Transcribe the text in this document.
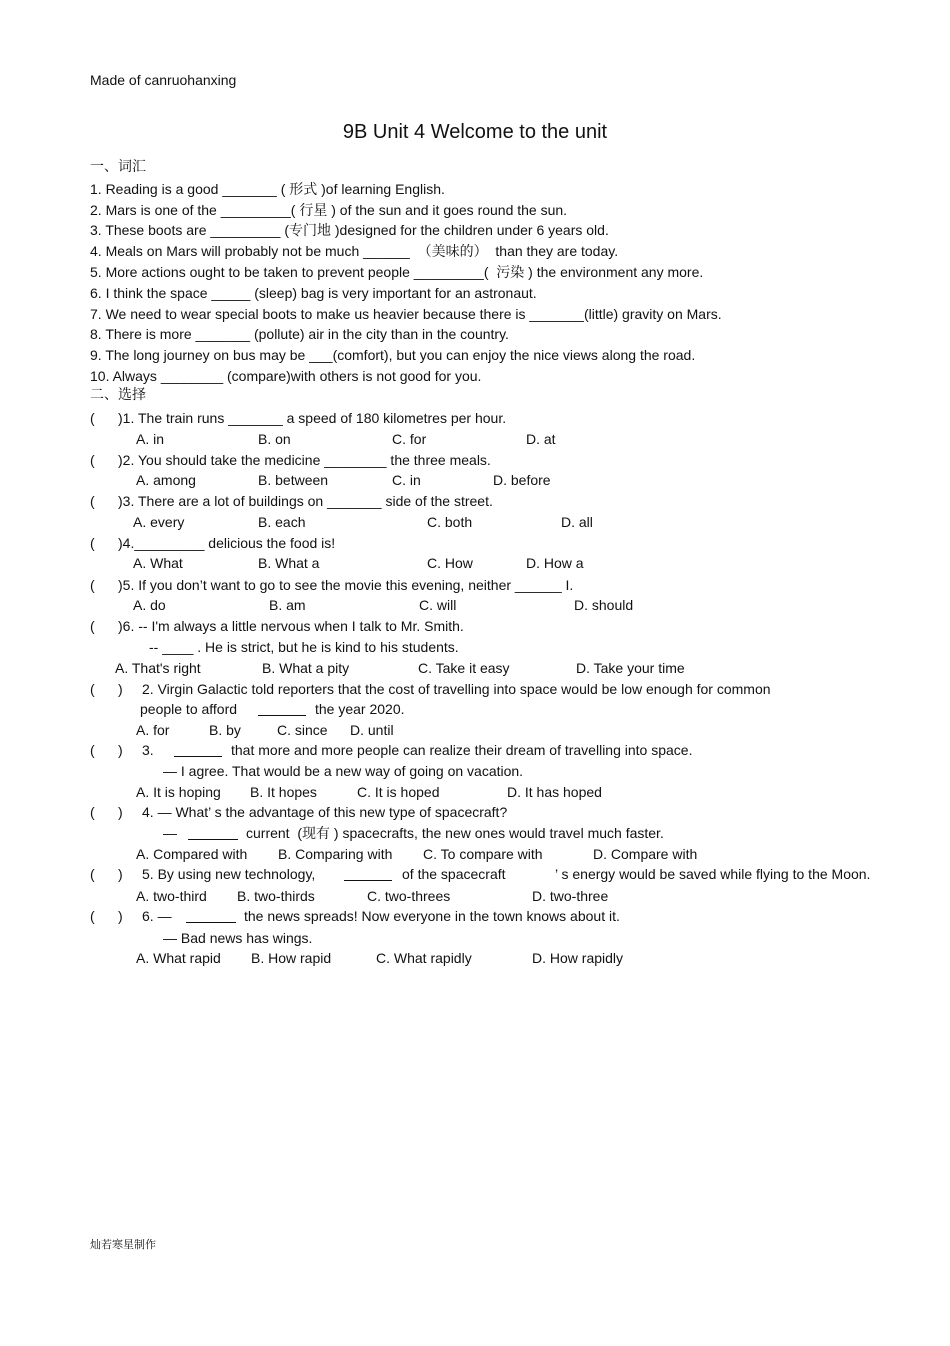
Made of canruohanxing
9B Unit 4 Welcome to the unit
一、词汇
1. Reading is a good _______ ( 形式 )of learning English.
2. Mars is one of the _________( 行星 ) of the sun and it goes round the sun.
3. These boots are _________ (专门地 )designed for the children under 6 years old.
4. Meals on Mars will probably not be much ______  （美味的）  than they are today.
5. More actions ought to be taken to prevent people _________(  污染 ) the environment any more.
6. I think the space _____ (sleep) bag is very important for an astronaut.
7. We need to wear special boots to make us heavier because there is _______(little) gravity on Mars.
8. There is more _______ (pollute) air in the city than in the country.
9. The long journey on bus may be ___(comfort), but you can enjoy the nice views along the road.
10. Always ________ (compare)with others is not good for you.
二、选择
(      )1. The train runs _______ a speed of 180 kilometres per hour.
A. in	B. on	C. for	D. at
(      )2. You should take the medicine ________ the three meals.
A. among	B. between	C. in	D. before
(      )3. There are a lot of buildings on _______ side of the street.
A. every	B. each	C. both	D. all
(      )4._________ delicious the food is!
A. What	B. What a	C. How	D. How a
(      )5. If you don’t want to go to see the movie this evening, neither ______ I.
A. do	B. am	C. will	D. should
(      )6. -- I'm always a little nervous when I talk to Mr. Smith.
-- ____ . He is strict, but he is kind to his students.
A. That's right	B. What a pity	C. Take it easy	D. Take your time
(      ) 2. Virgin Galactic told reporters that the cost of travelling into space would be low enough for common
people to afford	the year 2020.
A. for	B. by	C. since D. until
(      ) 3.	that more and more people can realize their dream of travelling into space.
— I agree. That would be a new way of going on vacation.
A. It is hoping B. It hopes	C. It is hoped	D. It has hoped
(      ) 4. — What’ s the advantage of this new type of spacecraft?
—	current  (现有 ) spacecrafts, the new ones would travel much faster.
A. Compared with B. Comparing with C. To compare with	D. Compare with
(      ) 5. By using new technology,	of the spacecraft	’ s energy would be saved while flying to the Moon.
A. two-third B. two-thirds	C. two-threes	D. two-three
(      ) 6. —	the news spreads! Now everyone in the town knows about it.
— Bad news has wings.
A. What rapid B. How rapid	C. What rapidly	D. How rapidly
灿若寒星制作
